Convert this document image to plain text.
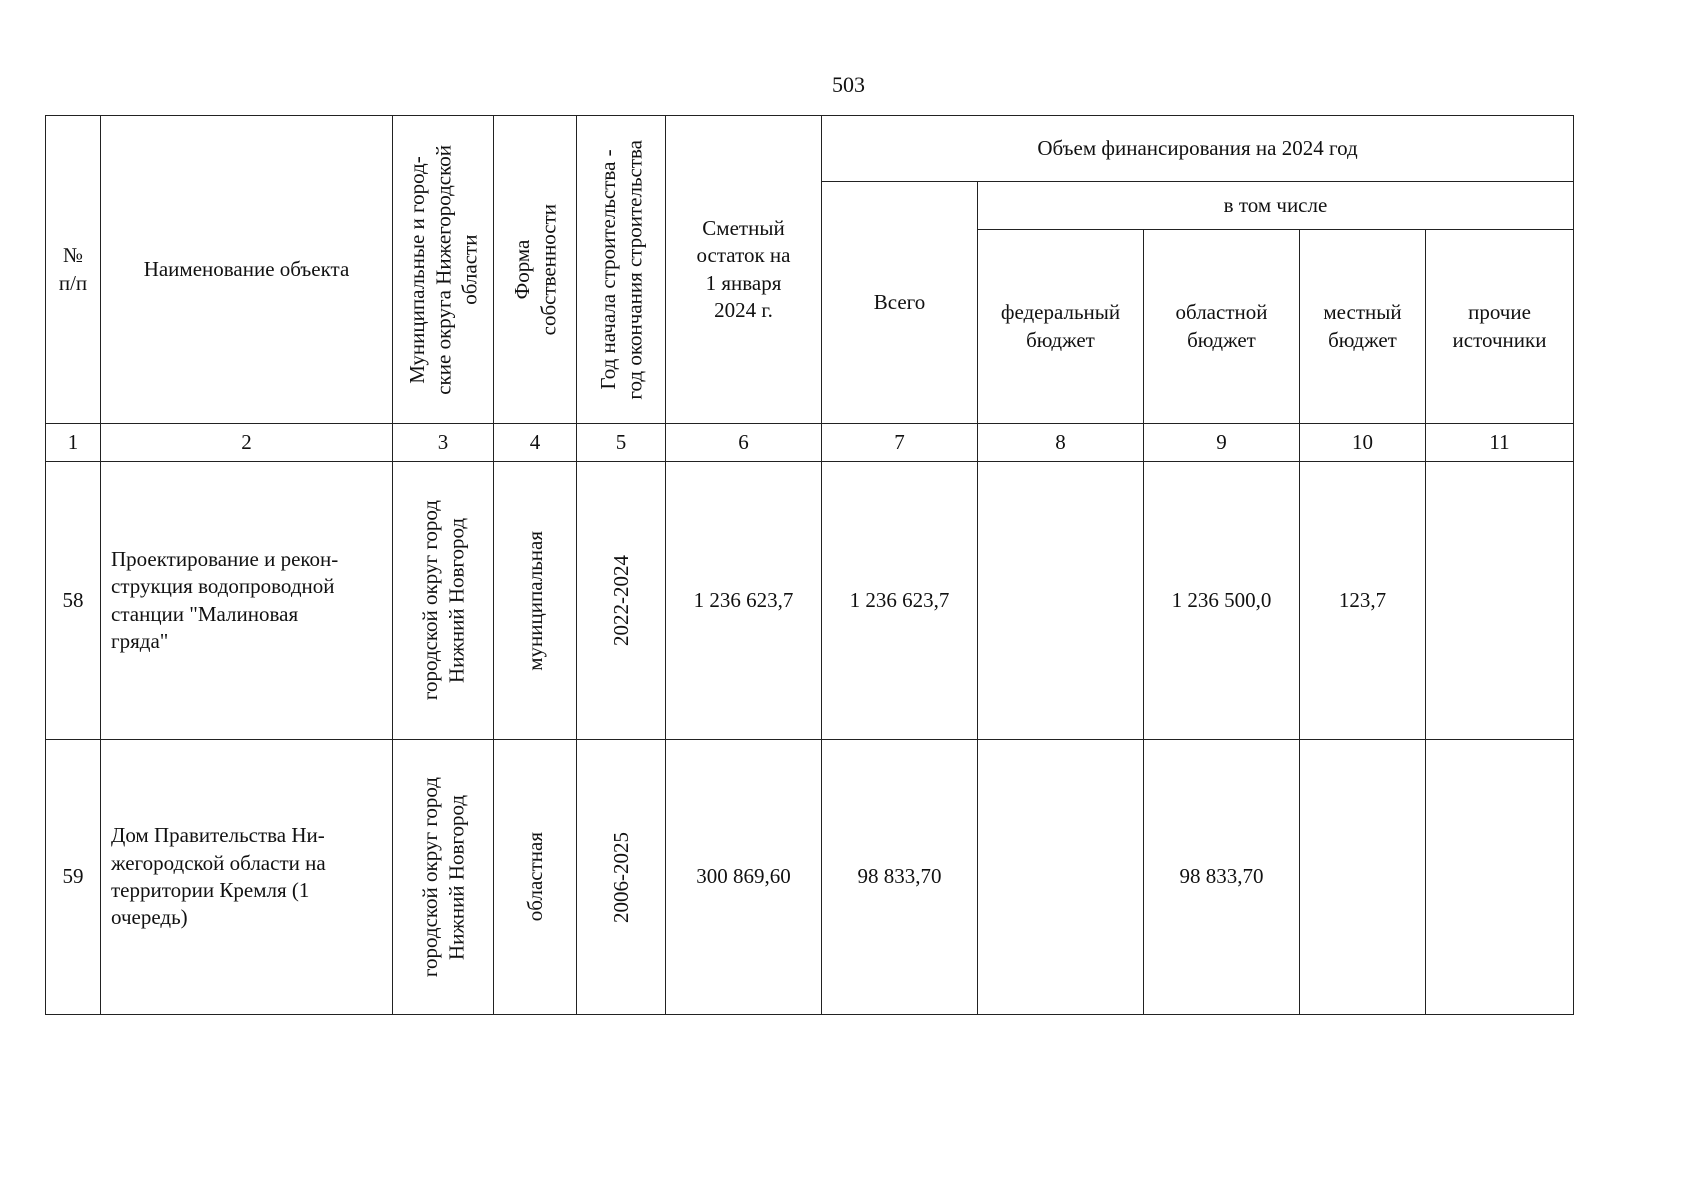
503
№
п/п	Наименование объекта	Муниципальные и город- ские округа Нижегородской области	Форма собственности	Год начала строительства - год окончания строительства	Сметный
остаток на
1 января
2024 г.	Объем финансирования на 2024 год				
						Всего	в том числе			

							федеральный
бюджет	областной
бюджет	местный
бюджет	прочие
источники

1	2	3	4	5	6	7	8	9	10	11
58	Проектирование и рекон-
струкция водопроводной
станции "Малиновая
гряда"	городской округ город Нижний Новгород	муниципальная	2022-2024	1 236 623,7	1 236 623,7		1 236 500,0	123,7	
59	Дом Правительства Ни-
жегородской области на
территории Кремля (1
очередь)	городской округ город Нижний Новгород	областная	2006-2025	300 869,60	98 833,70		98 833,70		
